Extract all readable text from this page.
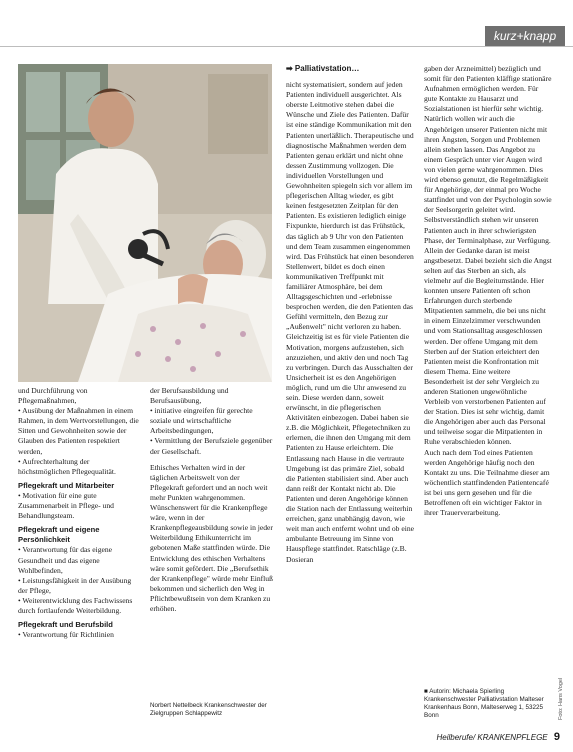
kurz+knapp

und Durchführung von Pflegemaßnahmen,

• Ausübung der Maßnahmen in einem Rahmen, in dem Wertvorstellungen, die Sitten und Gewohnheiten sowie der Glauben des Patienten respektiert werden,

• Aufrechterhaltung der höchstmöglichen Pflegequalität.

Pflegekraft und Mitarbeiter

• Motivation für eine gute Zusammenarbeit in Pflege- und Behandlungsteam.

Pflegekraft und eigene Persönlichkeit

• Verantwortung für das eigene Gesundheit und das eigene Wohlbefinden,

• Leistungsfähigkeit in der Ausübung der Pflege,

• Weiterentwicklung des Fachwissens durch fortlaufende Weiterbildung.

Pflegekraft und Berufsbild

• Verantwortung für Richtlinien

der Berufsausbildung und Berufsausübung,

• initiative eingreifen für gerechte soziale und wirtschaftliche Arbeitsbedingungen,

• Vermittlung der Berufsziele gegenüber der Gesellschaft.

Ethisches Verhalten wird in der täglichen Arbeitswelt von der Pflegekraft gefordert und an noch weit mehr Punkten wahrgenommen. Wünschenswert für die Krankenpflege wäre, wenn in der Krankenpflegeausbildung sowie in jeder Weiterbildung Ethikunterricht im gebotenen Maße stattfinden würde. Die Entwicklung des ethischen Verhaltens wäre somit gefördert. Die „Berufsethik der Krankenpflege" würde mehr Einfluß bekommen und sicherlich den Weg in Pflichtbewußtsein von dem Kranken zu erhöhen.

Norbert Nettelbeck Krankenschwester der Zielgruppen Schlappewitz

➡ Palliativstation…

nicht systematisiert, sondern auf jeden Patienten individuell ausgerichtet. Als oberste Leitmotive stehen dabei die Wünsche und Ziele des Patienten. Dafür ist eine ständige Kommunikation mit den Patienten unerläßlich. Therapeutische und diagnostische Maßnahmen werden dem Patienten genau erklärt und nicht ohne dessen Zustimmung vollzogen. Die individuellen Vorstellungen und Gewohnheiten spiegeln sich vor allem im pflegerischen Alltag wieder, es gibt keinen festgesetzten Zeitplan für den Patienten. Es existieren lediglich einige Fixpunkte, hierdurch ist das Frühstück, das täglich ab 9 Uhr von den Patienten und dem Team zusammen eingenommen wird. Das Frühstück hat einen besonderen Stellenwert, bildet es doch einen kommunikativen Treffpunkt mit familiärer Atmosphäre, bei dem Alltagsgeschichten und -erlebnisse besprochen werden, die den Patienten das Gefühl vermitteln, den Bezug zur „Außenwelt" nicht verloren zu haben. Gleichzeitig ist es für viele Patienten die Motivation, morgens aufzustehen, sich anzuziehen, und aktiv den und noch Tag zu verbringen. Durch das Ausschalten der Unsicherheit ist es den Angehörigen möglich, rund um die Uhr anwesend zu sein. Diese werden dann, soweit erwünscht, in die pflegerischen Aktivitäten einbezogen. Dabei haben sie z.B. die Möglichkeit, Pflegetechniken zu erlernen, die ihnen den Umgang mit dem Patienten zu Hause erleichtern. Die Entlassung nach Hause in die vertraute Umgebung ist das primäre Ziel, sobald die Patienten stabilisiert sind. Aber auch dann reißt der Kontakt nicht ab. Die Patienten und deren Angehörige können die Station nach der Entlassung weiterhin erreichen, ganz unabhängig davon, wie weit man auch entfernt wohnt und ob eine ambulante Betreuung im Sinne von Hauspflege stattfindet. Ratschläge (z.B. Dosieran

gaben der Arzneimittel) bezüglich und somit für den Patienten kläffige stationäre Aufnahmen ermöglichen werden. Für gute Kontakte zu Hausarzt und Sozialstationen ist hierfür sehr wichtig.

Natürlich wollen wir auch die Angehörigen unserer Patienten nicht mit ihren Ängsten, Sorgen und Problemen allein stehen lassen. Das Angebot zu einem Gespräch unter vier Augen wird von vielen gerne wahrgenommen. Dies wird ebenso genutzt, die Regelmäßigkeit für Angehörige, der einmal pro Woche stattfindet und von der Psychologin sowie der Seelsorgerin geleitet wird.

Selbstverständlich stehen wir unseren Patienten auch in ihrer schwierigsten Phase, der Terminalphase, zur Verfügung. Allein der Gedanke daran ist meist angstbesetzt. Dabei bezieht sich die Angst selten auf das Sterben an sich, als vielmehr auf die Begleitumstände. Hier konnten unsere Patienten oft schon Erfahrungen durch sterbende Mitpatienten sammeln, die bei uns nicht in einem Einzelzimmer verschwunden und vom Stationsalltag ausgeschlossen werden. Der offene Umgang mit dem Sterben auf der Station erleichtert den Patienten meist die Konfrontation mit diesem Thema. Eine weitere Besonderheit ist der sehr Vergleich zu anderen Stationen ungewöhnliche Verbleib von verstorbenen Patienten auf der Station. Dies ist sehr wichtig, damit die Angehörigen aber auch das Personal und teilweise sogar die Mitpatienten in Ruhe verabschieden können.

Auch nach dem Tod eines Patienten werden Angehörige häufig noch den Kontakt zu uns. Die Teilnahme dieser am wöchentlich stattfindenden Patientencafé ist bei uns gern gesehen und für die Betroffenen oft ein wichtiger Faktor in ihrer Trauerverarbeitung.

■ Autorin: Michaela Spierling Krankenschwester Palliativstation Malteser Krankenhaus Bonn, Malteserweg 1, 53225 Bonn	Foto: Hans Vogel
Heilberufe/ KRANKENPFLEGE 9
